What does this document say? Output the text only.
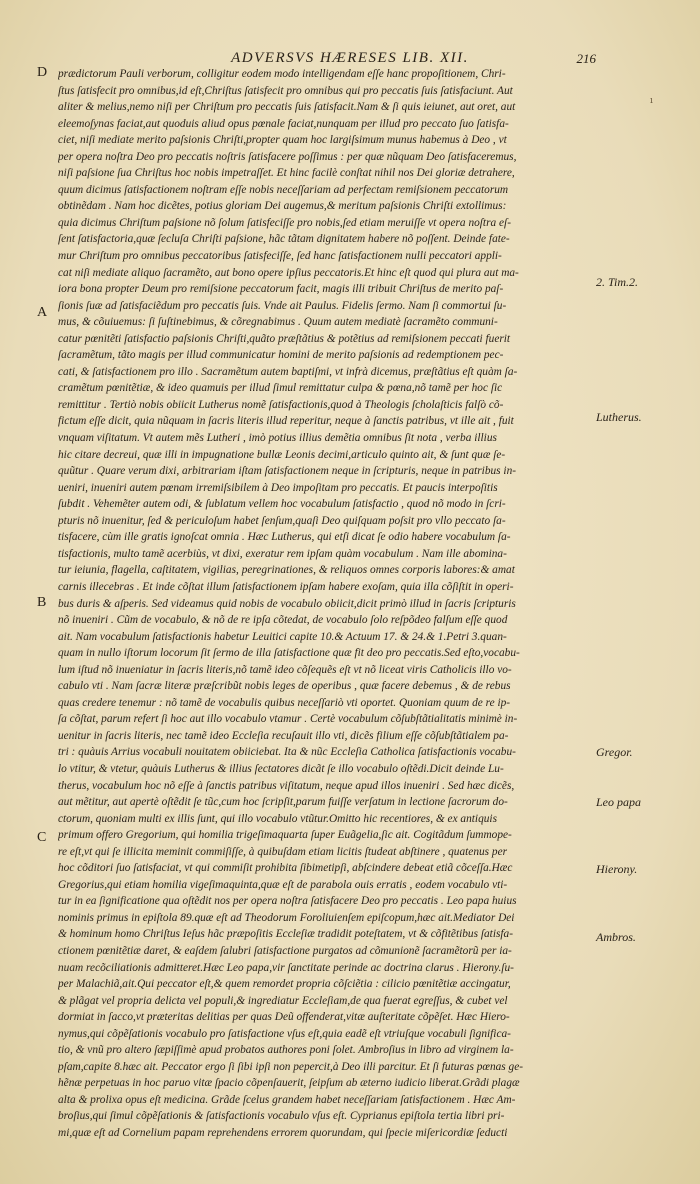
ADVERSVS HÆRESES LIB. XII.	216
D
A
B
C
ı
2. Tim.2.
Lutherus.
Gregor.
Leo papa
Hierony.
Ambros.
prædictorum Pauli verborum, colligitur eodem modo intelligendam eſſe hanc propoſitionem, Chri-
ſtus ſatisfecit pro omnibus,id eſt,Chriſtus ſatisfecit pro omnibus qui pro peccatis ſuis ſatisfaciunt. Aut
aliter & melius,nemo niſi per Chriſtum pro peccatis ſuis ſatisfacit.Nam & ſi quis ieiunet, aut oret, aut
eleemoſynas faciat,aut quoduis aliud opus pœnale faciat,nunquam per illud pro peccato ſuo ſatisfa-
ciet, niſi mediate merito paſsionis Chriſti,propter quam hoc largiſsimum munus habemus à Deo , vt
per opera noſtra Deo pro peccatis noſtris ſatisfacere poſſimus : per quæ nũquam Deo ſatisfaceremus,
niſi paſsione ſua Chriſtus hoc nobis impetraſſet. Et hinc facilè conſtat nihil nos Dei gloriæ detrahere,
quum dicimus ſatisfactionem noſtram eſſe nobis neceſſariam ad perfectam remiſsionem peccatorum
obtinẽdam . Nam hoc dicẽtes, potius gloriam Dei augemus,& meritum paſsionis Chriſti extollimus:
quia dicimus Chriſtum paſsione nõ ſolum ſatisfeciſſe pro nobis,ſed etiam meruiſſe vt opera noſtra eſ-
ſent ſatisfactoria,quæ ſecluſa Chriſti paſsione, hãc tãtam dignitatem habere nõ poſſent. Deinde fate-
mur Chriſtum pro omnibus peccatoribus ſatisfeciſſe, ſed hanc ſatisfactionem nulli peccatori appli-
cat niſi mediate aliquo ſacramẽto, aut bono opere ipſius peccatoris.Et hinc eſt quod qui plura aut ma-
iora bona propter Deum pro remiſsione peccatorum facit, magis illi tribuit Chriſtus de merito paſ-
ſionis ſuæ ad ſatisfaciẽdum pro peccatis ſuis. Vnde ait Paulus. Fidelis ſermo. Nam ſi commortui ſu-
mus, & cõuiuemus: ſi ſuſtinebimus, & cõregnabimus . Quum autem mediatè ſacramẽto communi-
catur pœnitẽti ſatisfactio paſsionis Chriſti,quãto præſtãtius & potẽtius ad remiſsionem peccati fuerit
ſacramẽtum, tãto magis per illud communicatur homini de merito paſsionis ad redemptionem pec-
cati, & ſatisfactionem pro illo . Sacramẽtum autem baptiſmi, vt infrà dicemus, præſtãtius eſt quàm ſa-
cramẽtum pœnitẽtiæ, & ideo quamuis per illud ſimul remittatur culpa & pœna,nõ tamẽ per hoc ſic
remittitur . Tertiò nobis obiicit Lutherus nomẽ ſatisfactionis,quod à Theologis ſcholaſticis falſò cõ-
fictum eſſe dicit, quia nũquam in ſacris literis illud reperitur, neque à ſanctis patribus, vt ille ait , fuit
vnquam viſitatum. Vt autem mẽs Lutheri , imò potius illius demẽtia omnibus ſit nota , verba illius
hic citare decreui, quæ illi in impugnatione bullæ Leonis decimi,articulo quinto ait, & ſunt quæ ſe-
quũtur . Quare verum dixi, arbitrariam iſtam ſatisfactionem neque in ſcripturis, neque in patribus in-
ueniri, inueniri autem pœnam irremiſsibilem à Deo impoſitam pro peccatis. Et paucis interpoſitis
ſubdit . Vehemẽter autem odi, & ſublatum vellem hoc vocabulum ſatisfactio , quod nõ modo in ſcri-
pturis nõ inuenitur, ſed & periculoſum habet ſenſum,quaſi Deo quiſquam poſsit pro vllo peccato ſa-
tisfacere, cùm ille gratis ignoſcat omnia . Hæc Lutherus, qui etſi dicat ſe odio habere vocabulum ſa-
tisfactionis, multo tamẽ acerbiùs, vt dixi, exeratur rem ipſam quàm vocabulum . Nam ille abomina-
tur ieiunia, flagella, caſtitatem, vigilias, peregrinationes, & reliquos omnes corporis labores:& amat
carnis illecebras . Et inde cõſtat illum ſatisfactionem ipſam habere exoſam, quia illa cõſiſtit in operi-
bus duris & aſperis. Sed videamus quid nobis de vocabulo obiicit,dicit primò illud in ſacris ſcripturis
nõ inueniri . Cũm de vocabulo, & nõ de re ipſa cõtedat, de vocabulo ſolo reſpõdeo falſum eſſe quod
ait. Nam vocabulum ſatisfactionis habetur Leuitici capite 10.& Actuum 17. & 24.& 1.Petri 3.quan-
quam in nullo iſtorum locorum ſit ſermo de illa ſatisfactione quæ fit deo pro peccatis.Sed eſto,vocabu-
lum iſtud nõ inueniatur in ſacris literis,nõ tamẽ ideo cõſequẽs eſt vt nõ liceat viris Catholicis illo vo-
cabulo vti . Nam ſacræ literæ præſcribũt nobis leges de operibus , quæ facere debemus , & de rebus
quas credere tenemur : nõ tamẽ de vocabulis quibus neceſſariò vti oportet. Quoniam quum de re ip-
ſa cõſtat, parum refert ſi hoc aut illo vocabulo vtamur . Certè vocabulum cõſubſtãtialitatis minimè in-
uenitur in ſacris literis, nec tamẽ ideo Eccleſia recuſauit illo vti, dicẽs filium eſſe cõſubſtãtialem pa-
tri : quàuis Arrius vocabuli nouitatem obiiciebat. Ita & nũc Eccleſia Catholica ſatisfactionis vocabu-
lo vtitur, & vtetur, quàuis Lutherus & illius ſectatores dicãt ſe illo vocabulo oſtẽdi.Dicit deinde Lu-
therus, vocabulum hoc nõ eſſe à ſanctis patribus viſitatum, neque apud illos inueniri . Sed hæc dicẽs,
aut mẽtitur, aut apertè oſtẽdit ſe tũc,cum hoc ſcripſit,parum fuiſſe verſatum in lectione ſacrorum do-
ctorum, quoniam multi ex illis ſunt, qui illo vocabulo vtũtur.Omitto hic recentiores, & ex antiquis
primum offero Gregorium, qui homilia trigeſimaquarta ſuper Euãgelia,ſic ait. Cogitãdum ſummope-
re eſt,vt qui ſe illicita meminit commiſiſſe, à quibuſdam etiam licitis ſtudeat abſtinere , quatenus per
hoc cõditori ſuo ſatisfaciat, vt qui commiſit prohibita ſibimetipſi, abſcindere debeat etiã cõceſſa.Hæc
Gregorius,qui etiam homilia vigeſimaquinta,quæ eſt de parabola ouis erratis , eodem vocabulo vti-
tur in ea ſignificatione qua oſtẽdit nos per opera noſtra ſatisfacere Deo pro peccatis . Leo papa huius
nominis primus in epiſtola 89.quæ eſt ad Theodorum Foroliuienſem epiſcopum,hæc ait.Mediator Dei
& hominum homo Chriſtus Ieſus hãc præpoſitis Eccleſiæ tradidit poteſtatem, vt & cõfitẽtibus ſatisfa-
ctionem pœnitẽtiæ daret, & eaſdem ſalubri ſatisfactione purgatos ad cõmunionẽ ſacramẽtorũ per ia-
nuam recõciliationis admitteret.Hæc Leo papa,vir ſanctitate perinde ac doctrina clarus . Hierony.ſu-
per Malachiã,ait.Qui peccator eſt,& quem remordet propria cõſciẽtia : cilicio pœnitẽtiæ accingatur,
& plãgat vel propria delicta vel populi,& ingrediatur Eccleſiam,de qua fuerat egreſſus, & cubet vel
dormiat in ſacco,vt præteritas delitias per quas Deũ offenderat,vitæ auſteritate cõpẽſet. Hæc Hiero-
nymus,qui cõpẽſationis vocabulo pro ſatisfactione vſus eſt,quia eadẽ eſt vtriuſque vocabuli ſignifica-
tio, & vnũ pro altero ſæpiſſimè apud probatos authores poni ſolet. Ambroſius in libro ad virginem la-
pſam,capite 8.hæc ait. Peccator ergo ſi ſibi ipſi non pepercit,à Deo illi parcitur. Et ſi futuras pœnas ge-
hẽnæ perpetuas in hoc paruo vitæ ſpacio cõpenſauerit, ſeipſum ab æterno iudicio liberat.Grãdi plagæ
alta & prolixa opus eſt medicina. Grãde ſcelus grandem habet neceſſariam ſatisfactionem . Hæc Am-
broſius,qui ſimul cõpẽſationis & ſatisfactionis vocabulo vſus eſt. Cyprianus epiſtola tertia libri pri-
mi,quæ eſt ad Cornelium papam reprehendens errorem quorundam, qui ſpecie miſericordiæ ſeducti
